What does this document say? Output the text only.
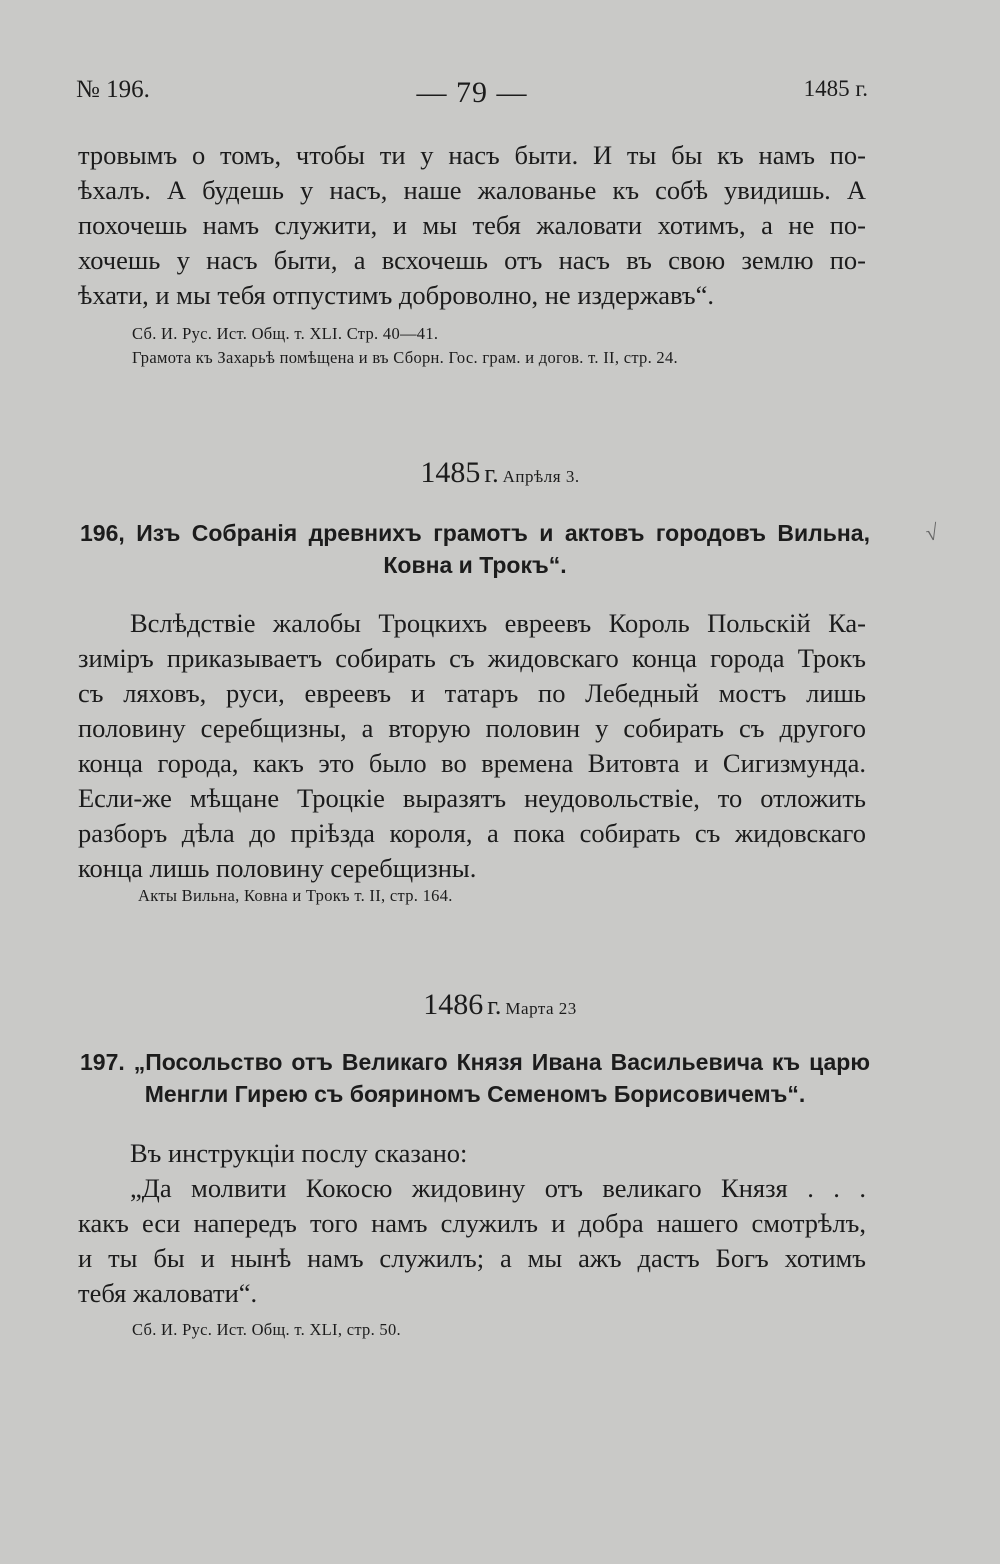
№ 196.	— 79 —	1485 г.
тровымъ о томъ, чтобы ти у насъ быти. И ты бы къ намъ по-
ѣхалъ. А будешь у насъ, наше жалованье къ собѣ увидишь. А
похочешь намъ служити, и мы тебя жаловати хотимъ, а не по-
хочешь у насъ быти, а всхочешь отъ насъ въ свою землю по-
ѣхати, и мы тебя отпустимъ доброволно, не издержавъ“.
Сб. И. Рус. Ист. Общ. т. XLI. Стр. 40—41.
Грамота къ Захарьѣ помѣщена и въ Сборн. Гос. грам. и догов. т. II, стр. 24.
1485 г. Апрѣля 3.
196, Изъ Собранія древнихъ грамотъ и актовъ городовъ Вильна,
Ковна и Трокъ“.
√
Вслѣдствіе жалобы Троцкихъ евреевъ Король Польскій Ка-
зиміръ приказываетъ собирать съ жидовскаго конца города Трокъ
съ ляховъ, руси, евреевъ и татаръ по Лебедный мостъ лишь
половину серебщизны, а вторую половин у собирать съ другого
конца города, какъ это было во времена Витовта и Сигизмунда.
Если-же мѣщане Троцкіе выразятъ неудовольствіе, то отложить
разборъ дѣла до пріѣзда короля, а пока собирать съ жидовскаго
конца лишь половину серебщизны.
Акты Вильна, Ковна и Трокъ т. II, стр. 164.
1486 г. Марта 23
197. „Посольство отъ Великаго Князя Ивана Васильевича къ царю
Менгли Гирею съ бояриномъ Семеномъ Борисовичемъ“.
Въ инструкціи послу сказано:
„Да молвити Кокосю жидовину отъ великаго Князя . . .
какъ еси напередъ того намъ служилъ и добра нашего смотрѣлъ,
и ты бы и нынѣ намъ служилъ; а мы ажъ дастъ Богъ хотимъ
тебя жаловати“.
Сб. И. Рус. Ист. Общ. т. XLI, стр. 50.
